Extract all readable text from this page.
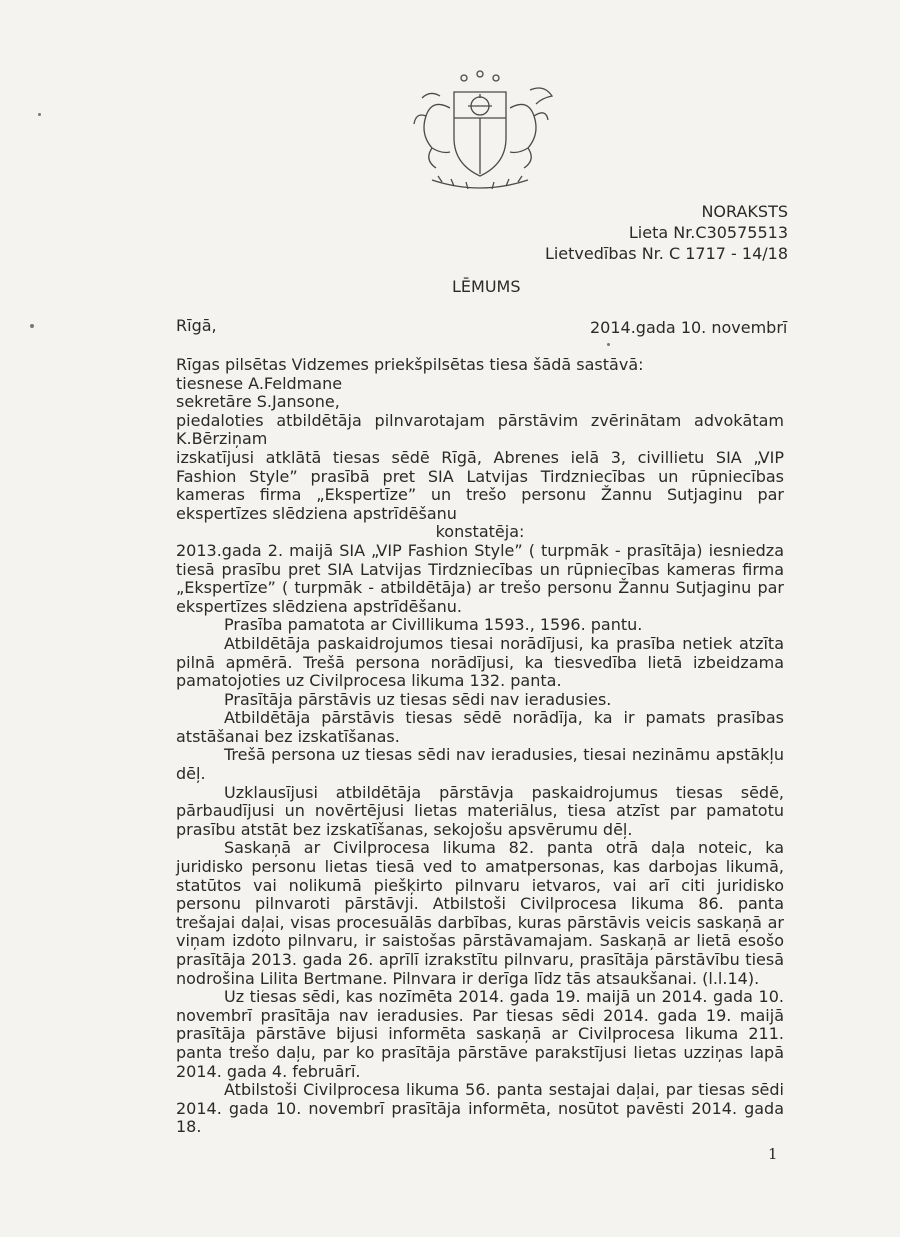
NORAKSTS
Lieta Nr.C30575513
Lietvedības Nr. C 1717 - 14/18
LĒMUMS
Rīgā,	2014.gada 10. novembrī

Rīgas pilsētas Vidzemes priekšpilsētas tiesa šādā sastāvā:

tiesnese A.Feldmane

sekretāre S.Jansone,

piedaloties atbildētāja pilnvarotajam pārstāvim zvērinātam advokātam K.Bērziņam

izskatījusi atklātā tiesas sēdē Rīgā, Abrenes ielā 3, civillietu SIA „VIP Fashion Style” prasībā pret SIA Latvijas Tirdzniecības un rūpniecības kameras firma „Ekspertīze” un trešo personu Žannu Sutjaginu par ekspertīzes slēdziena apstrīdēšanu

konstatēja:

2013.gada 2. maijā SIA „VIP Fashion Style” ( turpmāk - prasītāja) iesniedza tiesā prasību pret SIA Latvijas Tirdzniecības un rūpniecības kameras firma „Ekspertīze” ( turpmāk - atbildētāja) ar trešo personu Žannu Sutjaginu par ekspertīzes slēdziena apstrīdēšanu.

Prasība pamatota ar Civillikuma 1593., 1596. pantu.

Atbildētāja paskaidrojumos tiesai norādījusi, ka prasība netiek atzīta pilnā apmērā. Trešā persona norādījusi, ka tiesvedība lietā izbeidzama pamatojoties uz Civilprocesa likuma 132. panta.

Prasītāja pārstāvis uz tiesas sēdi nav ieradusies.

Atbildētāja pārstāvis tiesas sēdē norādīja, ka ir pamats prasības atstāšanai bez izskatīšanas.

Trešā persona uz tiesas sēdi nav ieradusies, tiesai nezināmu apstākļu dēļ.

Uzklausījusi atbildētāja pārstāvja paskaidrojumus tiesas sēdē, pārbaudījusi un novērtējusi lietas materiālus, tiesa atzīst par pamatotu prasību atstāt bez izskatīšanas, sekojošu apsvērumu dēļ.

Saskaņā ar Civilprocesa likuma 82. panta otrā daļa noteic, ka juridisko personu lietas tiesā ved to amatpersonas, kas darbojas likumā, statūtos vai nolikumā piešķirto pilnvaru ietvaros, vai arī citi juridisko personu pilnvaroti pārstāvji. Atbilstoši Civilprocesa likuma 86. panta trešajai daļai, visas procesuālās darbības, kuras pārstāvis veicis saskaņā ar viņam izdoto pilnvaru, ir saistošas pārstāvamajam. Saskaņā ar lietā esošo prasītāja 2013. gada 26. aprīlī izrakstītu pilnvaru, prasītāja pārstāvību tiesā nodrošina Lilita Bertmane. Pilnvara ir derīga līdz tās atsaukšanai. (l.l.14).

Uz tiesas sēdi, kas nozīmēta 2014. gada 19. maijā un 2014. gada 10. novembrī prasītāja nav ieradusies. Par tiesas sēdi 2014. gada 19. maijā prasītāja pārstāve bijusi informēta saskaņā ar Civilprocesa likuma 211. panta trešo daļu, par ko prasītāja pārstāve parakstījusi lietas uzziņas lapā 2014. gada 4. februārī.

Atbilstoši Civilprocesa likuma 56. panta sestajai daļai, par tiesas sēdi 2014. gada 10. novembrī prasītāja informēta, nosūtot pavēsti 2014. gada 18.

1
